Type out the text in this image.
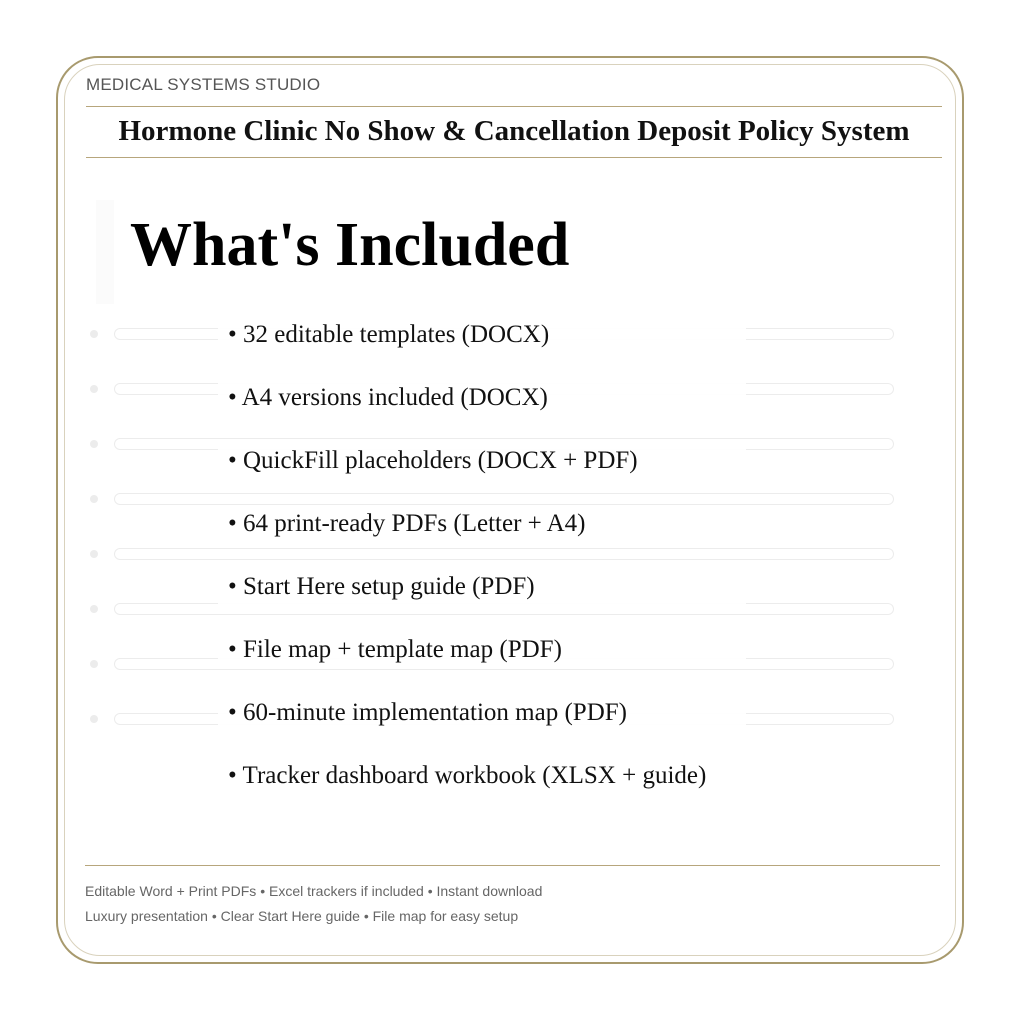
MEDICAL SYSTEMS STUDIO
Hormone Clinic No Show & Cancellation Deposit Policy System
What's Included
• 32 editable templates (DOCX)
• A4 versions included (DOCX)
• QuickFill placeholders (DOCX + PDF)
• 64 print-ready PDFs (Letter + A4)
• Start Here setup guide (PDF)
• File map + template map (PDF)
• 60-minute implementation map (PDF)
• Tracker dashboard workbook (XLSX + guide)
Editable Word + Print PDFs • Excel trackers if included • Instant download
Luxury presentation • Clear Start Here guide • File map for easy setup
